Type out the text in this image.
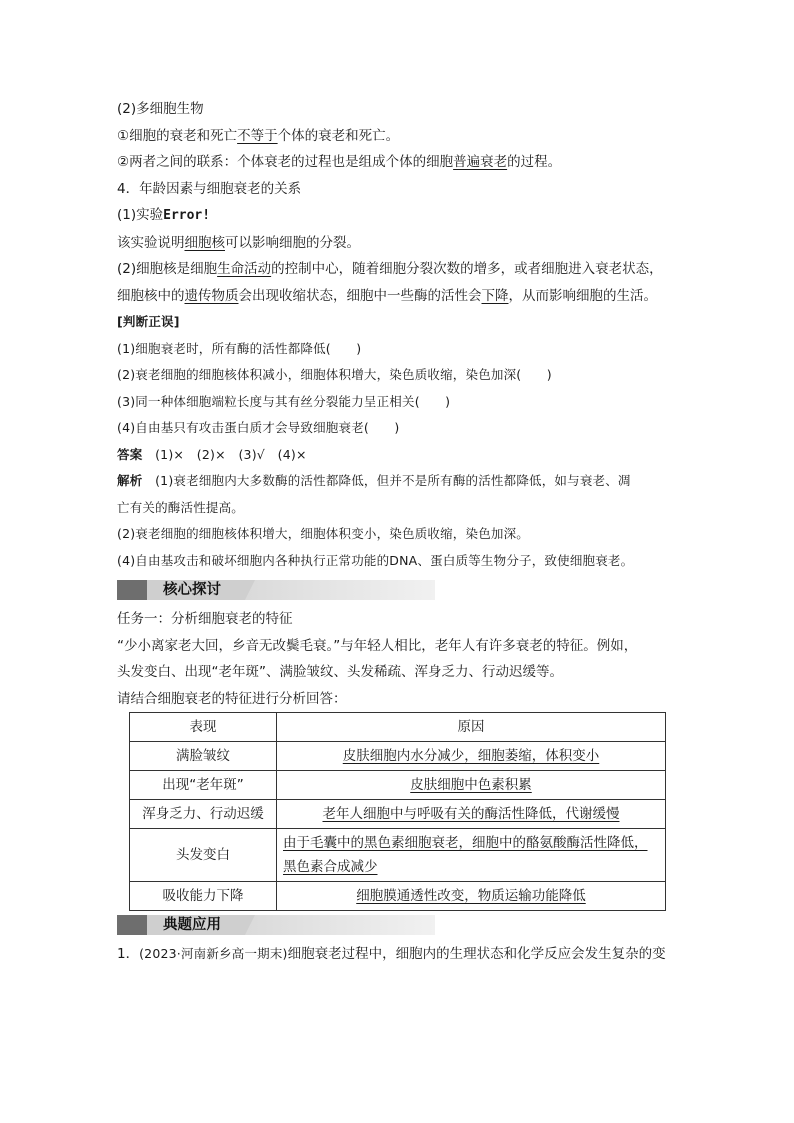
(2)多细胞生物
①细胞的衰老和死亡不等于个体的衰老和死亡。
②两者之间的联系：个体衰老的过程也是组成个体的细胞普遍衰老的过程。
4．年龄因素与细胞衰老的关系
(1)实验Error!
该实验说明细胞核可以影响细胞的分裂。
(2)细胞核是细胞生命活动的控制中心，随着细胞分裂次数的增多，或者细胞进入衰老状态，
细胞核中的遗传物质会出现收缩状态，细胞中一些酶的活性会下降，从而影响细胞的生活。
[判断正误]
(1)细胞衰老时，所有酶的活性都降低(　　)
(2)衰老细胞的细胞核体积减小，细胞体积增大，染色质收缩，染色加深(　　)
(3)同一种体细胞端粒长度与其有丝分裂能力呈正相关(　　)
(4)自由基只有攻击蛋白质才会导致细胞衰老(　　)
答案　 (1)×　(2)×　(3)√　(4)×
解析　 (1)衰老细胞内大多数酶的活性都降低，但并不是所有酶的活性都降低，如与衰老、凋
亡有关的酶活性提高。
(2)衰老细胞的细胞核体积增大，细胞体积变小，染色质收缩，染色加深。
(4)自由基攻击和破坏细胞内各种执行正常功能的DNA、蛋白质等生物分子，致使细胞衰老。
核心探讨
任务一：分析细胞衰老的特征
“少小离家老大回，乡音无改鬓毛衰。”与年轻人相比，老年人有许多衰老的特征。例如，
头发变白、出现“老年斑”、满脸皱纹、头发稀疏、浑身乏力、行动迟缓等。
请结合细胞衰老的特征进行分析回答：
表现	原因
满脸皱纹	皮肤细胞内水分减少，细胞萎缩，体积变小
出现“老年斑”	皮肤细胞中色素积累
浑身乏力、行动迟缓	老年人细胞中与呼吸有关的酶活性降低，代谢缓慢
头发变白	由于毛囊中的黑色素细胞衰老，细胞中的酪氨酸酶活性降低，
黑色素合成减少
吸收能力下降	细胞膜通透性改变，物质运输功能降低
典题应用
1．(2023·河南新乡高一期末)细胞衰老过程中，细胞内的生理状态和化学反应会发生复杂的变
